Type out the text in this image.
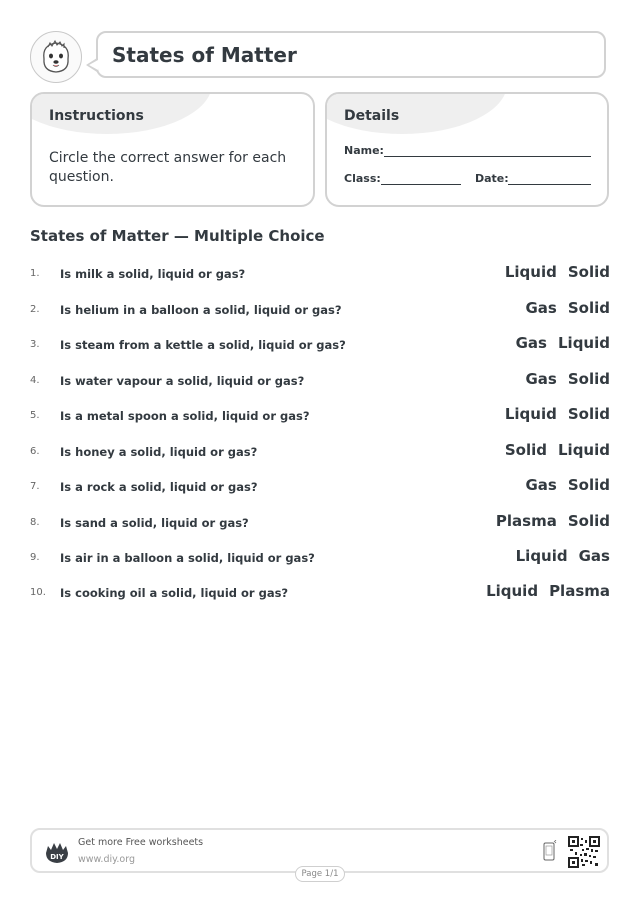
States of Matter
Instructions
Circle the correct answer for each question.
Details
Name:
Class:	Date:
States of Matter — Multiple Choice
1. Is milk a solid, liquid or gas?	Liquid Solid
2. Is helium in a balloon a solid, liquid or gas?	Gas Solid
3. Is steam from a kettle a solid, liquid or gas?	Gas Liquid
4. Is water vapour a solid, liquid or gas?	Gas Solid
5. Is a metal spoon a solid, liquid or gas?	Liquid Solid
6. Is honey a solid, liquid or gas?	Solid Liquid
7. Is a rock a solid, liquid or gas?	Gas Solid
8. Is sand a solid, liquid or gas?	Plasma Solid
9. Is air in a balloon a solid, liquid or gas?	Liquid Gas
10. Is cooking oil a solid, liquid or gas?	Liquid Plasma
DIY
Get more Free worksheets
www.diy.org
Page 1/1
